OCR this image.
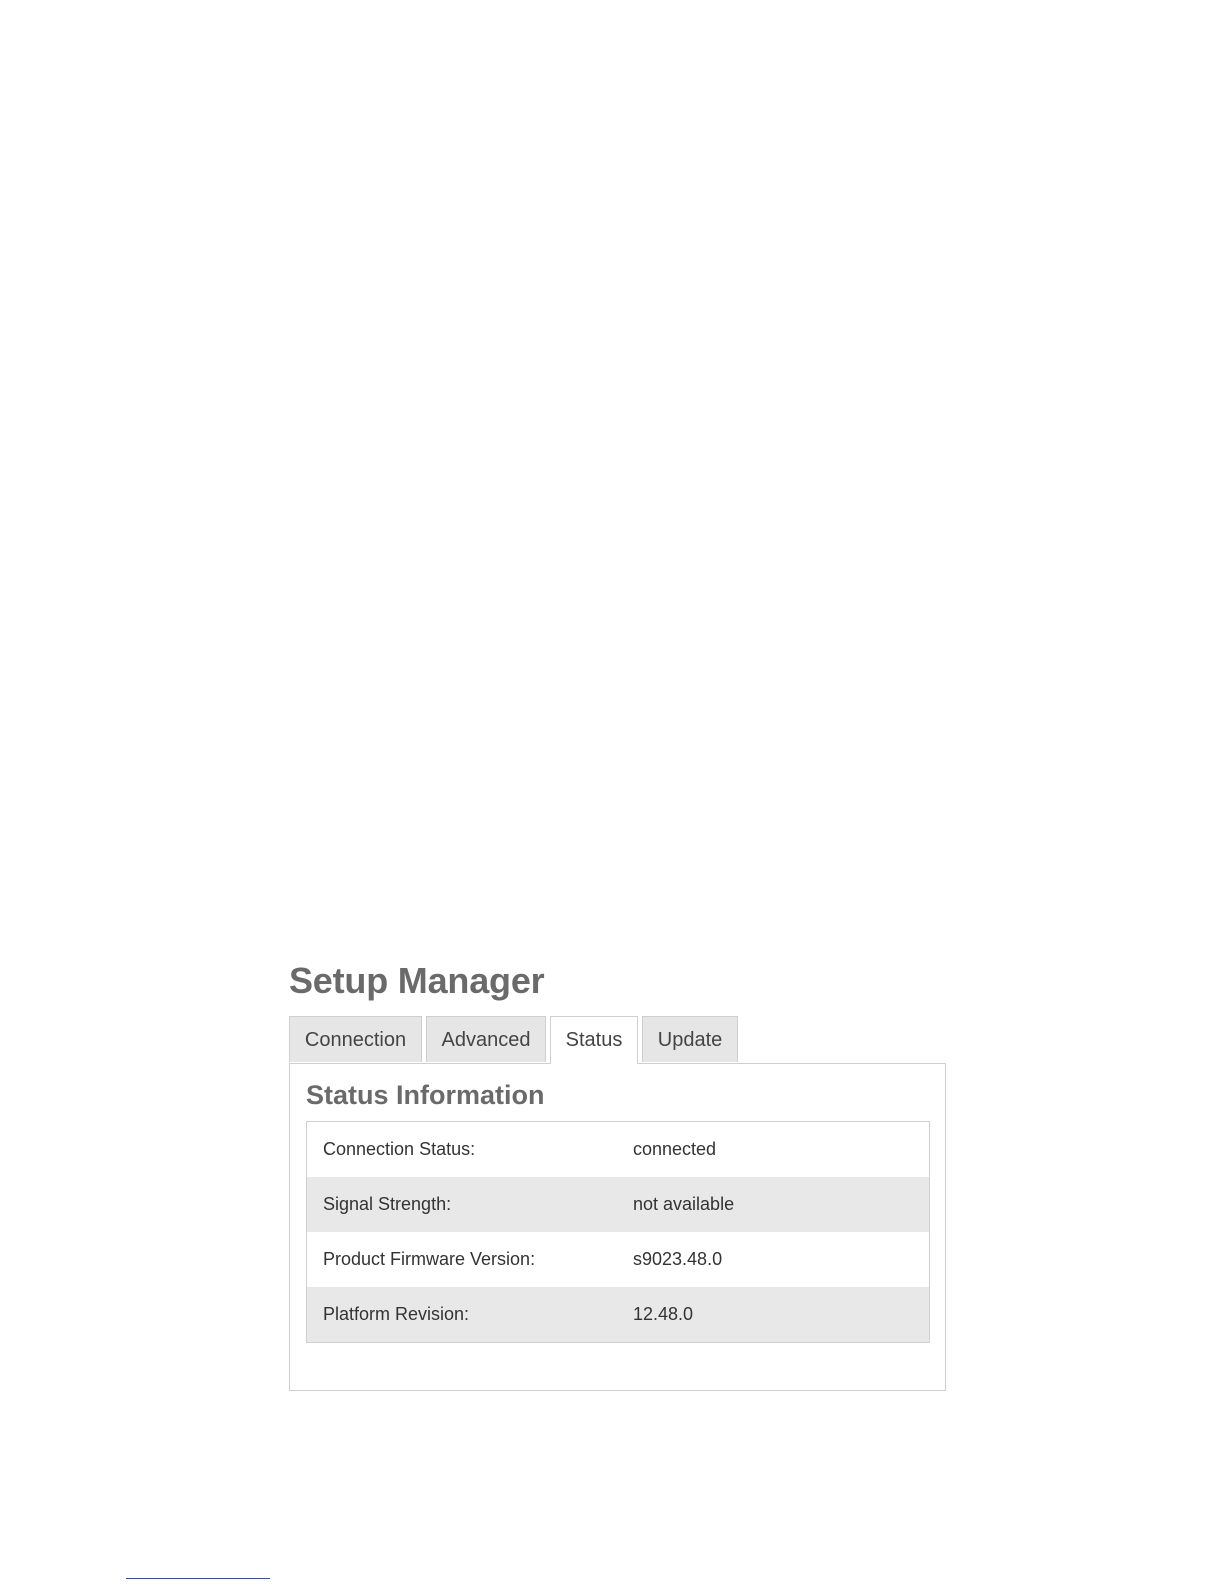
Setup Manager
Connection	Advanced	Status	Update
Status Information
Connection Status:	connected
Signal Strength:	not available
Product Firmware Version:	s9023.48.0
Platform Revision:	12.48.0
